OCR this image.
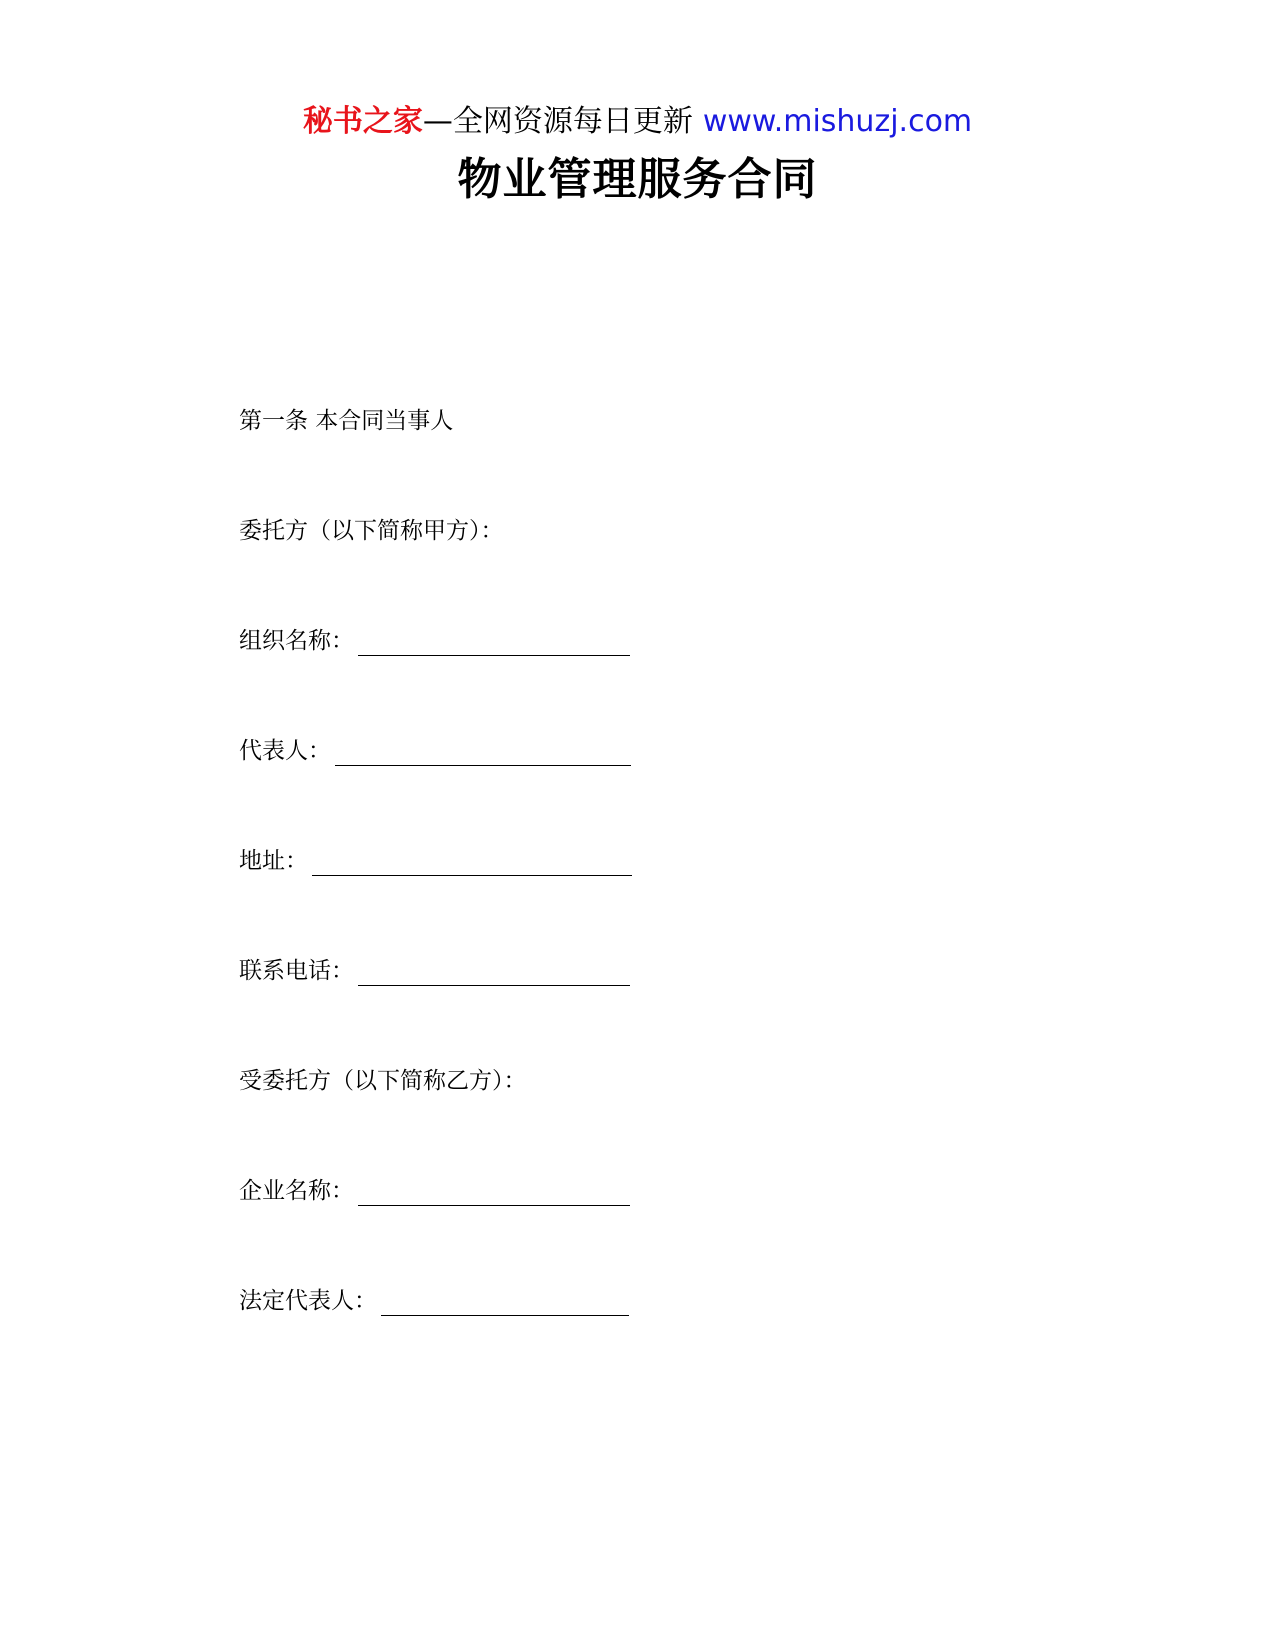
秘书之家—全网资源每日更新 www.mishuzj.com
物业管理服务合同
第一条 本合同当事人
委托方（以下简称甲方）：
组织名称：
代表人：
地址：
联系电话：
受委托方（以下简称乙方）：
企业名称：
法定代表人：
